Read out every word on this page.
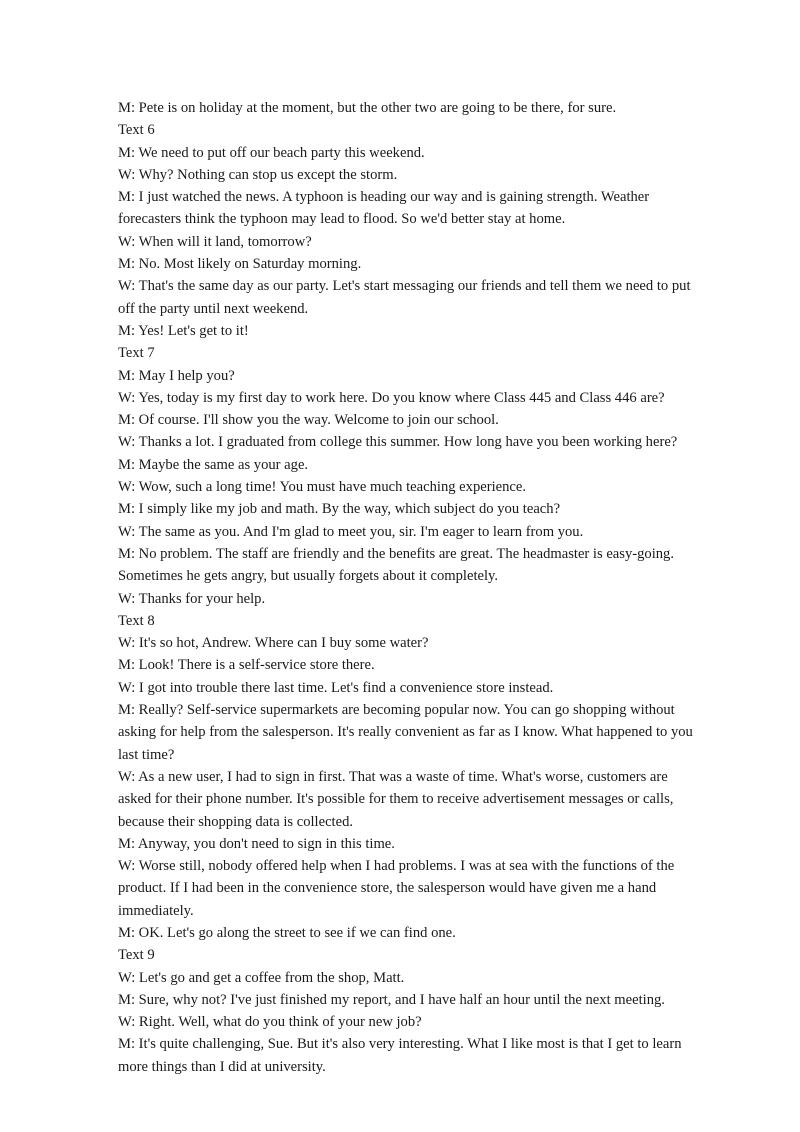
M: Pete is on holiday at the moment, but the other two are going to be there, for sure.
Text 6
M: We need to put off our beach party this weekend.
W: Why? Nothing can stop us except the storm.
M: I just watched the news. A typhoon is heading our way and is gaining strength. Weather
forecasters think the typhoon may lead to flood. So we'd better stay at home.
W: When will it land, tomorrow?
M: No. Most likely on Saturday morning.
W: That's the same day as our party. Let's start messaging our friends and tell them we need to put
off the party until next weekend.
M: Yes! Let's get to it!
Text 7
M: May I help you?
W: Yes, today is my first day to work here. Do you know where Class 445 and Class 446 are?
M: Of course. I'll show you the way. Welcome to join our school.
W: Thanks a lot. I graduated from college this summer. How long have you been working here?
M: Maybe the same as your age.
W: Wow, such a long time! You must have much teaching experience.
M: I simply like my job and math. By the way, which subject do you teach?
W: The same as you. And I'm glad to meet you, sir. I'm eager to learn from you.
M: No problem. The staff are friendly and the benefits are great. The headmaster is easy-going.
Sometimes he gets angry, but usually forgets about it completely.
W: Thanks for your help.
Text 8
W: It's so hot, Andrew. Where can I buy some water?
M: Look! There is a self-service store there.
W: I got into trouble there last time. Let's find a convenience store instead.
M: Really? Self-service supermarkets are becoming popular now. You can go shopping without
asking for help from the salesperson. It's really convenient as far as I know. What happened to you
last time?
W: As a new user, I had to sign in first. That was a waste of time. What's worse, customers are
asked for their phone number. It's possible for them to receive advertisement messages or calls,
because their shopping data is collected.
M: Anyway, you don't need to sign in this time.
W: Worse still, nobody offered help when I had problems. I was at sea with the functions of the
product. If I had been in the convenience store, the salesperson would have given me a hand
immediately.
M: OK. Let's go along the street to see if we can find one.
Text 9
W: Let's go and get a coffee from the shop, Matt.
M: Sure, why not? I've just finished my report, and I have half an hour until the next meeting.
W: Right. Well, what do you think of your new job?
M: It's quite challenging, Sue. But it's also very interesting. What I like most is that I get to learn
more things than I did at university.
